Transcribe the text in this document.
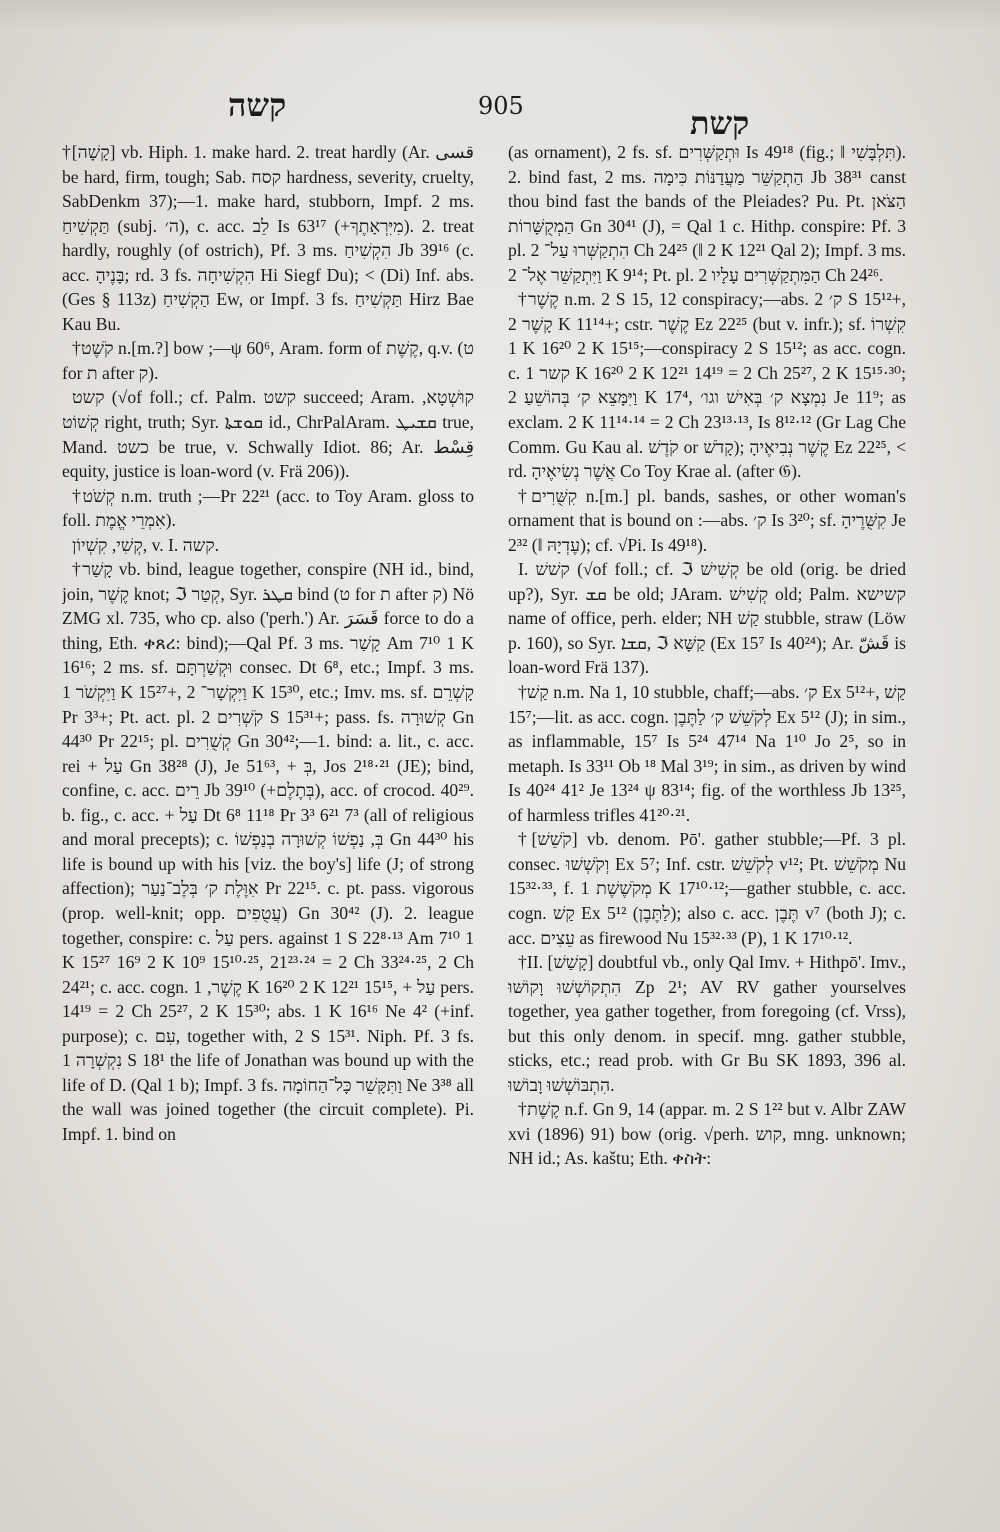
קשה	905	קשת

†[קָשָׁה] vb. Hiph. 1. make hard. 2. treat hardly (Ar. قسى be hard, firm, tough; Sab. קסח hardness, severity, cruelty, SabDenkm 37);—1. make hard, stubborn, Impf. 2 ms. תַּקְשִׁיחַ (subj. ה׳), c. acc. לֵב Is 63¹⁷ (+מִיִּרְאָתֶךָ). 2. treat hardly, roughly (of ostrich), Pf. 3 ms. הִקְשִׁיחַ Jb 39¹⁶ (c. acc. בָּנֶיהָ; rd. 3 fs. הִקְשִׁיחָה Hi Siegf Du); < (Di) Inf. abs. (Ges § 113z) הַקְשִׁיחַ Ew, or Impf. 3 fs. תַּקְשִׁיחַ Hirz Bae Kau Bu.

†קֹשֶׁט n.[m.?] bow ;—ψ 60⁶, Aram. form of קֶשֶׁת, q.v. (ט for ת after ק).

קשט (√of foll.; cf. Palm. קשט succeed; Aram. קוּשְׁטָא, קְשׁוֹט right, truth; Syr. ܩܘܫܬܐ id., ChrPalAram. ܩܫܝܛ true, Mand. כשט be true, v. Schwally Idiot. 86; Ar. قِسْط equity, justice is loan-word (v. Frä 206)).

†קְשֹׁט n.m. truth ;—Pr 22²¹ (acc. to Toy Aram. gloss to foll. אִמְרֵי אֱמֶת).

קְשִׁי, קִשְׁיוֹן, v. I. קשה.

†קָשַׁר vb. bind, league together, conspire (NH id., bind, join, קֶשֶׁר knot; ℑ קְטַר, Syr. ܩܛܪ bind (ט for ת after ק) Nö ZMG xl. 735, who cp. also ('perh.') Ar. قَسَرَ force to do a thing, Eth. ቀጸረ: bind);—Qal Pf. 3 ms. קָשַׁר Am 7¹⁰ 1 K 16¹⁶; 2 ms. sf. וּקְשַׁרְתָּם consec. Dt 6⁸, etc.; Impf. 3 ms. וַיִּקְשֹׁר 1 K 15²⁷+, וַיִּקְשָׁר־ 2 K 15³⁰, etc.; Imv. ms. sf. קָשְׁרֵם Pr 3³+; Pt. act. pl. קֹשְׁרִים 2 S 15³¹+; pass. fs. קְשׁוּרָה Gn 44³⁰ Pr 22¹⁵; pl. קְשֻׁרִים Gn 30⁴²;—1. bind: a. lit., c. acc. rei + עַל Gn 38²⁸ (J), Je 51⁶³, + בְּ, Jos 2¹⁸·²¹ (JE); bind, confine, c. acc. רֵים Jb 39¹⁰ (+בְּתֶלֶם), acc. of crocod. 40²⁹. b. fig., c. acc. + עַל Dt 6⁸ 11¹⁸ Pr 3³ 6²¹ 7³ (all of religious and moral precepts); c. בְּ, נַפְשׁוֹ קְשׁוּרָה בְנַפְשׁוֹ Gn 44³⁰ his life is bound up with his [viz. the boy's] life (J; of strong affection); אִוֶּלֶת ק׳ בְּלֶב־נַעַר Pr 22¹⁵. c. pt. pass. vigorous (prop. well-knit; opp. עֲטֻפִים) Gn 30⁴² (J). 2. league together, conspire: c. עַל pers. against 1 S 22⁸·¹³ Am 7¹⁰ 1 K 15²⁷ 16⁹ 2 K 10⁹ 15¹⁰·²⁵, 21²³·²⁴ = 2 Ch 33²⁴·²⁵, 2 Ch 24²¹; c. acc. cogn. קֶשֶׁר, 1 K 16²⁰ 2 K 12²¹ 15¹⁵, + עַל pers. 14¹⁹ = 2 Ch 25²⁷, 2 K 15³⁰; abs. 1 K 16¹⁶ Ne 4² (+inf. purpose); c. עִם, together with, 2 S 15³¹. Niph. Pf. 3 fs. נִקְשְׁרָה 1 S 18¹ the life of Jonathan was bound up with the life of D. (Qal 1 b); Impf. 3 fs. וַתִּקָּשֵׁר כָּל־הַחוֹמָה Ne 3³⁸ all the wall was joined together (the circuit complete). Pi. Impf. 1. bind on

(as ornament), 2 fs. sf. וּתְקַשְּׁרִים Is 49¹⁸ (fig.; ‖ תִּלְבָּשִׁי). 2. bind fast, 2 ms. הַתְקַשֵּׁר מַעֲדַנּוֹת כִּימָה Jb 38³¹ canst thou bind fast the bands of the Pleiades? Pu. Pt. הַצֹּאן הַמְקֻשָּׁרוֹת Gn 30⁴¹ (J), = Qal 1 c. Hithp. conspire: Pf. 3 pl. הִתְקַשְּׁרוּ עַל־ 2 Ch 24²⁵ (‖ 2 K 12²¹ Qal 2); Impf. 3 ms. וַיִּתְקַשֵּׁר אֶל־ 2 K 9¹⁴; Pt. pl. הַמִּתְקַשְּׁרִים עָלָיו 2 Ch 24²⁶.

†קֶשֶׁר n.m. 2 S 15, 12 conspiracy;—abs. ק׳ 2 S 15¹²+, קָשֶׁר 2 K 11¹⁴+; cstr. קֶשֶׁר Ez 22²⁵ (but v. infr.); sf. קִשְׁרוֹ 1 K 16²⁰ 2 K 15¹⁵;—conspiracy 2 S 15¹²; as acc. cogn. c. קשר 1 K 16²⁰ 2 K 12²¹ 14¹⁹ = 2 Ch 25²⁷, 2 K 15¹⁵·³⁰; וַיִּמָּצֵא ק׳ בְּהוֹשֵׁעַ 2 K 17⁴, נִמְצָא ק׳ בְּאִישׁ וגו׳ Je 11⁹; as exclam. 2 K 11¹⁴·¹⁴ = 2 Ch 23¹³·¹³, Is 8¹²·¹² (Gr Lag Che Comm. Gu Kau al. קֹדֶשׁ or קָדֹשׁ); קֶשֶׁר נְבִיאֶיהָ Ez 22²⁵, < rd. אֲשֶׁר נְשִׂיאֶיהָ Co Toy Krae al. (after 𝔊).

†קִשֻּׁרִים n.[m.] pl. bands, sashes, or other woman's ornament that is bound on :—abs. ק׳ Is 3²⁰; sf. קִשֻּׁרֶיהָ Je 2³² (‖ עֶדְיָהּ); cf. √Pi. Is 49¹⁸).

I. קשׁשׁ (√of foll.; cf. ℑ קְשִׁישׁ be old (orig. be dried up?), Syr. ܩܫ be old; JAram. קְשִׁישׁ old; Palm. קשישא name of office, perh. elder; NH קַשׁ stubble, straw (Löw p. 160), so Syr. ܩܫܐ, ℑ קַשָּׁא (Ex 15⁷ Is 40²⁴); Ar. قَشّ is loan-word Frä 137).

†קַשׁ n.m. Na 1, 10 stubble, chaff;—abs. ק׳ Ex 5¹²+, קַשׁ 15⁷;—lit. as acc. cogn. לְקֹשֵׁשׁ ק׳ לַתֶּבֶן Ex 5¹² (J); in sim., as inflammable, 15⁷ Is 5²⁴ 47¹⁴ Na 1¹⁰ Jo 2⁵, so in metaph. Is 33¹¹ Ob ¹⁸ Mal 3¹⁹; in sim., as driven by wind Is 40²⁴ 41² Je 13²⁴ ψ 83¹⁴; fig. of the worthless Jb 13²⁵, of harmless trifles 41²⁰·²¹.

†[קֹשֵׁשׁ] vb. denom. Pō'. gather stubble;—Pf. 3 pl. consec. וְקֹשְׁשׁוּ Ex 5⁷; Inf. cstr. לְקֹשֵׁשׁ v¹²; Pt. מְקֹשֵׁשׁ Nu 15³²·³³, f. מְקֹשֶׁשֶׁת 1 K 17¹⁰·¹²;—gather stubble, c. acc. cogn. קַשׁ Ex 5¹² (לַתֶּבֶן); also c. acc. תֶּבֶן v⁷ (both J); c. acc. עֵצִים as firewood Nu 15³²·³³ (P), 1 K 17¹⁰·¹².

†II. [קָשַׁשׁ] doubtful vb., only Qal Imv. + Hithpō'. Imv., הִתְקוֹשְׁשׁוּ וָקוֹשּׁוּ Zp 2¹; AV RV gather yourselves together, yea gather together, from foregoing (cf. Vrss), but this only denom. in specif. mng. gather stubble, sticks, etc.; read prob. with Gr Bu SK 1893, 396 al. הִתְבּוֹשְׁשׁוּ וָבוֹשׁוּ.

†קֶשֶׁת n.f. Gn 9, 14 (appar. m. 2 S 1²² but v. Albr ZAW xvi (1896) 91) bow (orig. √perh. קוש, mng. unknown; NH id.; As. kaštu; Eth. ቀስት:
